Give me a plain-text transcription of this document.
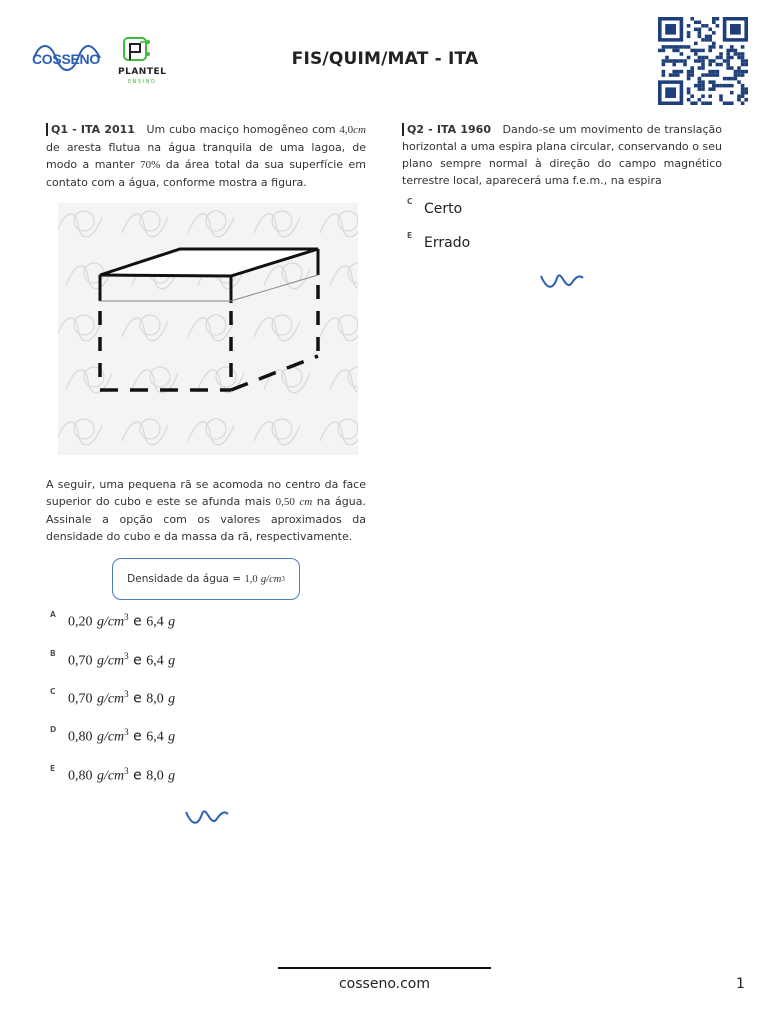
COSSENO
PLANTEL
ENSINO
FIS/QUIM/MAT - ITA
Q1 - ITA 2011 Um cubo maciço homogêneo com 4,0cm de aresta flutua na água tranquila de uma lagoa, de modo a manter 70% da área total da sua superfície em contato com a água, conforme mostra a figura.
A seguir, uma pequena rã se acomoda no centro da face superior do cubo e este se afunda mais 0,50 cm na água. Assinale a opção com os valores aproximados da densidade do cubo e da massa da rã, respectivamente.
Densidade da água =
1,0
g/cm 3
A
0,20 $g/cm^3$ e 6,4 g
B
0,70 $g/cm^3$ e 6,4 g
C
0,70 $g/cm^3$ e 8,0 g
D
0,80 $g/cm^3$ e 6,4 g
E
0,80 $g/cm^3$ e 8,0 g
Q2 - ITA 1960 Dando-se um movimento de translação horizontal a uma espira plana circular, conservando o seu plano sempre normal à direção do campo magnético terrestre local, aparecerá uma f.e.m., na espira
C Certo
E Errado
cosseno.com	1
